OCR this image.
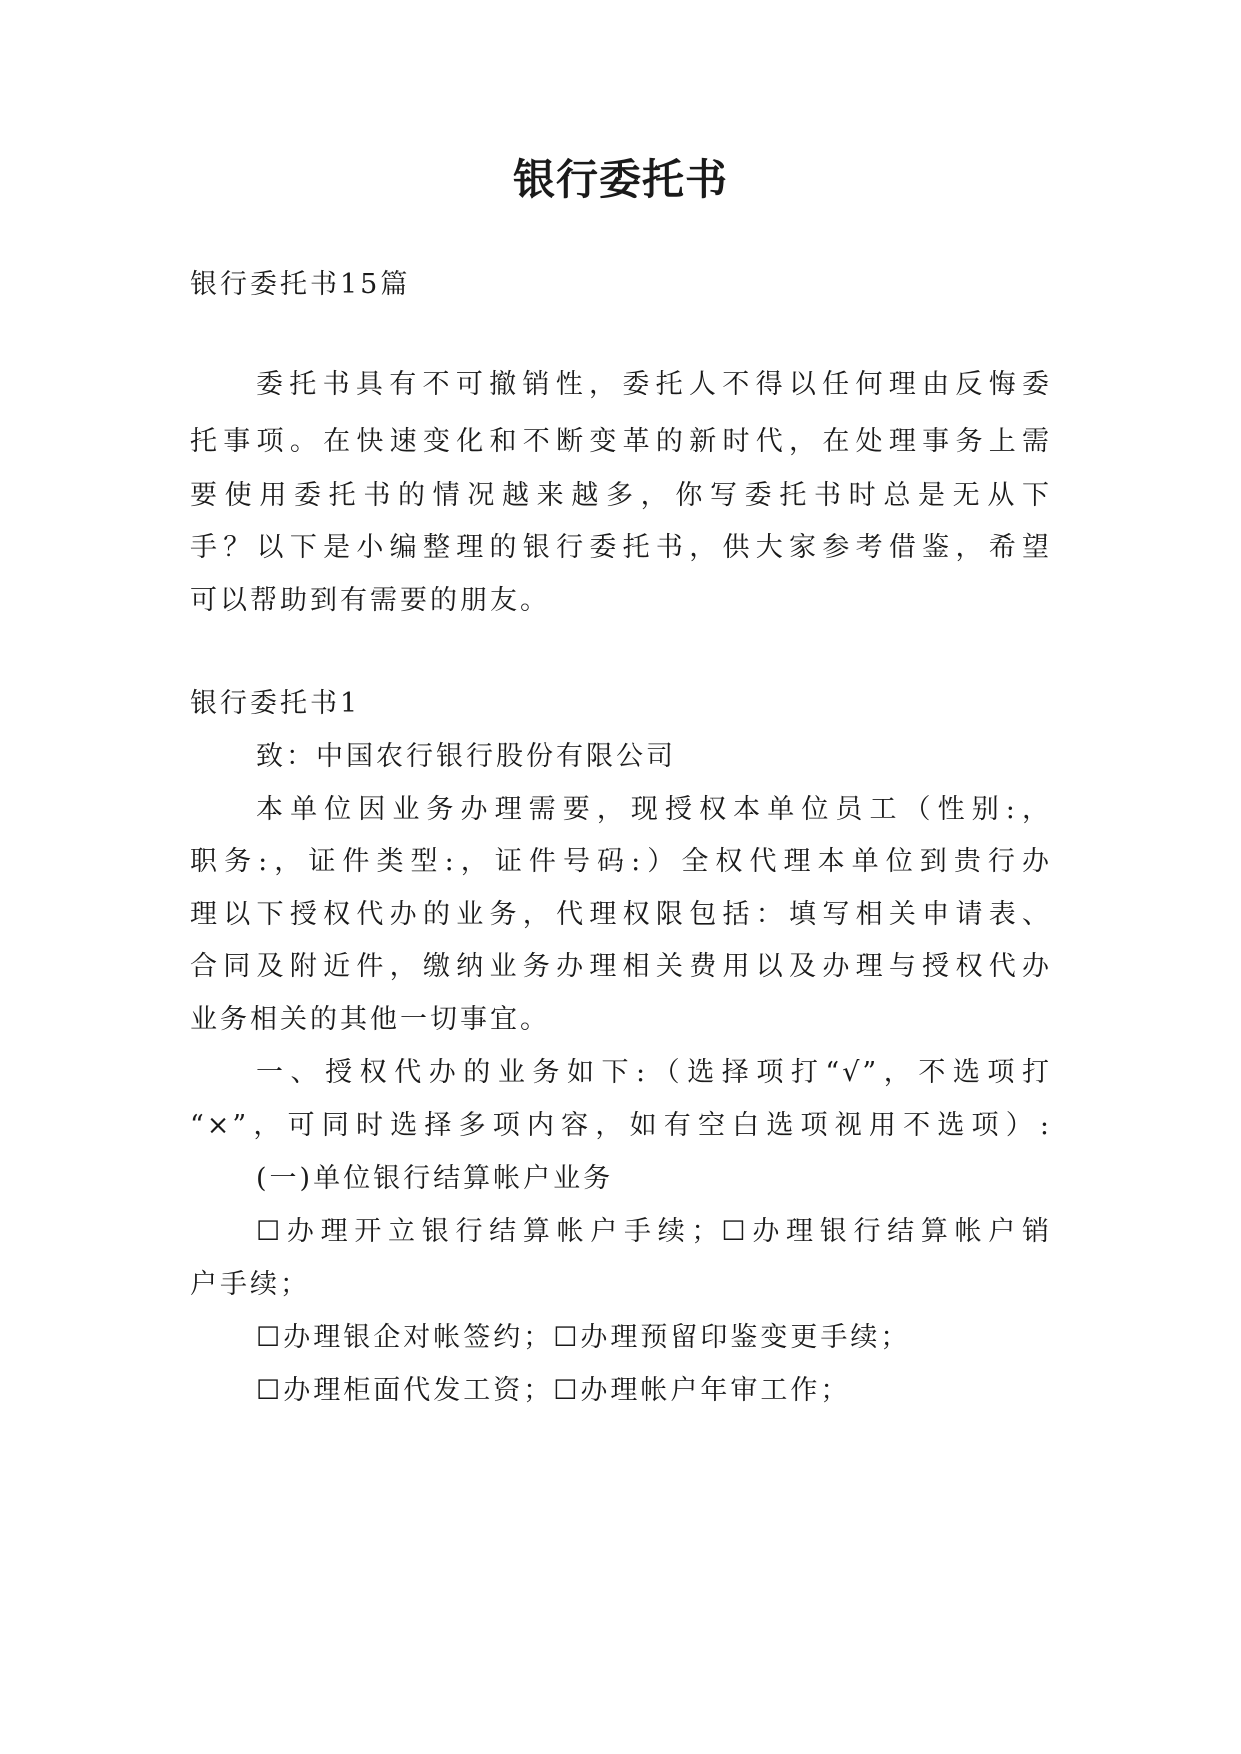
银行委托书
银行委托书15篇
委托书具有不可撤销性，委托人不得以任何理由反悔委
托事项。在快速变化和不断变革的新时代，在处理事务上需
要使用委托书的情况越来越多，你写委托书时总是无从下
手？以下是小编整理的银行委托书，供大家参考借鉴，希望
可以帮助到有需要的朋友。
银行委托书1
致：中国农行银行股份有限公司
本单位因业务办理需要，现授权本单位员工（性别:，
职务:，证件类型:，证件号码:）全权代理本单位到贵行办
理以下授权代办的业务，代理权限包括：填写相关申请表、
合同及附近件，缴纳业务办理相关费用以及办理与授权代办
业务相关的其他一切事宜。
一、授权代办的业务如下:（选择项打“√”，不选项打
“×”，可同时选择多项内容，如有空白选项视用不选项）:
(一)单位银行结算帐户业务
☐办理开立银行结算帐户手续；☐办理银行结算帐户销
户手续；
☐办理银企对帐签约；☐办理预留印鉴变更手续；
☐办理柜面代发工资；☐办理帐户年审工作；
